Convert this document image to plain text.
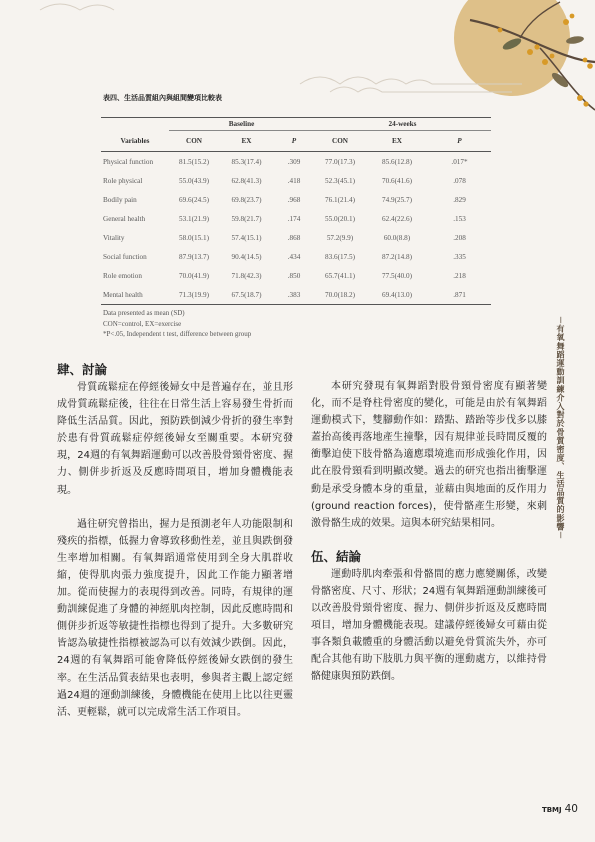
表四、生活品質組內與組間變項比較表
	Baseline			24-weeks		
Variables	CON	EX	P	CON	EX	P
Physical function	81.5(15.2)	85.3(17.4)	.309	77.0(17.3)	85.6(12.8)	.017*
Role physical	55.0(43.9)	62.8(41.3)	.418	52.3(45.1)	70.6(41.6)	.078
Bodily pain	69.6(24.5)	69.8(23.7)	.968	76.1(21.4)	74.9(25.7)	.829
General health	53.1(21.9)	59.8(21.7)	.174	55.0(20.1)	62.4(22.6)	.153
Vitality	58.0(15.1)	57.4(15.1)	.868	57.2(9.9)	60.0(8.8)	.208
Social function	87.9(13.7)	90.4(14.5)	.434	83.6(17.5)	87.2(14.8)	.335
Role emotion	70.0(41.9)	71.8(42.3)	.850	65.7(41.1)	77.5(40.0)	.218
Mental health	71.3(19.9)	67.5(18.7)	.383	70.0(18.2)	69.4(13.0)	.871
Data presented as mean (SD)
CON=control, EX=exercise
*P<.05, Independent t test, difference between group	－有氧舞蹈運動訓練介入對於骨質密度、生活品質的影響－
肆、討論

骨質疏鬆症在停經後婦女中是普遍存在，並且形成骨質疏鬆症後，往往在日常生活上容易發生骨折而降低生活品質。因此，預防跌倒減少骨折的發生率對於患有骨質疏鬆症停經後婦女至關重要。本研究發現，24週的有氧舞蹈運動可以改善股骨頸骨密度、握力、側併步折返及反應時間項目，增加身體機能表現。

過往研究曾指出，握力是預測老年人功能限制和殘疾的指標，低握力會導致移動性差，並且與跌倒發生率增加相關。有氧舞蹈通常使用到全身大肌群收縮，使得肌肉張力強度提升，因此工作能力顯著增加。從而使握力的表現得到改善。同時，有規律的運動訓練促進了身體的神經肌肉控制，因此反應時間和側併步折返等敏捷性指標也得到了提升。大多數研究皆認為敏捷性指標被認為可以有效減少跌倒。因此，24週的有氧舞蹈可能會降低停經後婦女跌倒的發生率。在生活品質表結果也表明，參與者主觀上認定經過24週的運動訓練後，身體機能在使用上比以往更靈活、更輕鬆，就可以完成常生活工作項目。

本研究發現有氧舞蹈對股骨頸骨密度有顯著變化，而不是脊柱骨密度的變化，可能是由於有氧舞蹈運動模式下，雙腳動作如：踏點、踏跆等步伐多以膝蓋抬高後再落地產生撞擊，因有規律並長時間反覆的衝擊迫使下肢骨骼為適應環境進而形成強化作用，因此在股骨頸看到明顯改變。過去的研究也指出衝擊運動是承受身體本身的重量，並藉由與地面的反作用力(ground reaction forces)，使骨骼產生形變，來刺激骨骼生成的效果。這與本研究結果相同。

伍、結論

運動時肌肉牽張和骨骼間的應力應變關係，改變骨骼密度、尺寸、形狀；24週有氧舞蹈運動訓練後可以改善股骨頸骨密度、握力、側併步折返及反應時間項目，增加身體機能表現。建議停經後婦女可藉由從事各類負載體重的身體活動以避免骨質流失外，亦可配合其他有助下肢肌力與平衡的運動處方，以維持骨骼健康與預防跌倒。

TBMJ 40
